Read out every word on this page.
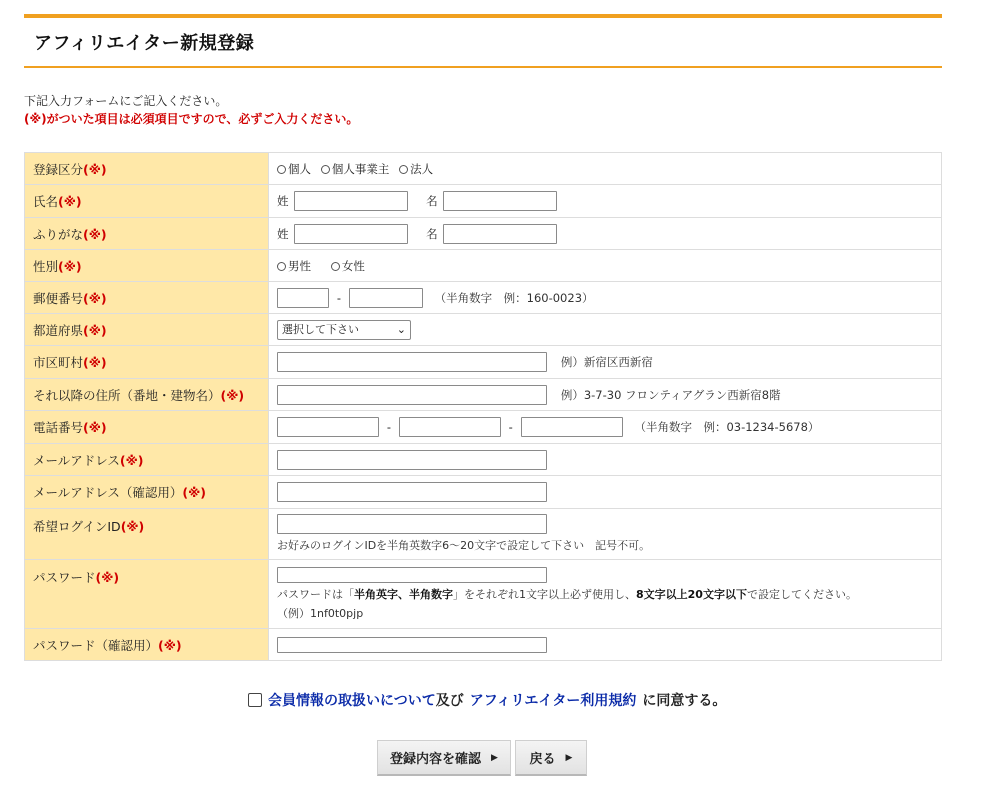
アフィリエイター新規登録
下記入力フォームにご記入ください。
(※)がついた項目は必須項目ですので、必ずご入力ください。
登録区分(※)	個人 個人事業主 法人
氏名(※)	姓 名
ふりがな(※)	姓 名
性別(※)	男性 女性
郵便番号(※)	- （半角数字　例：160-0023）
都道府県(※)	選択して下さい ⌄

市区町村(※)	例）新宿区西新宿
それ以降の住所（番地・建物名）(※)	例）3-7-30 フロンティアグラン西新宿8階
電話番号(※)	- - （半角数字　例：03-1234-5678）
メールアドレス(※)	
メールアドレス（確認用）(※)	
希望ログインID(※)	お好みのログインIDを半角英数字6～20文字で設定して下さい　記号不可。

パスワード(※)	パスワードは「半角英字、半角数字」をそれぞれ1文字以上必ず使用し、8文字以上20文字以下で設定してください。
（例）1nf0t0pjp

パスワード（確認用）(※)	
会員情報の取扱いについて 及び アフィリエイター利用規約 に同意する。
登録内容を確認 ▶ 戻る ▶
